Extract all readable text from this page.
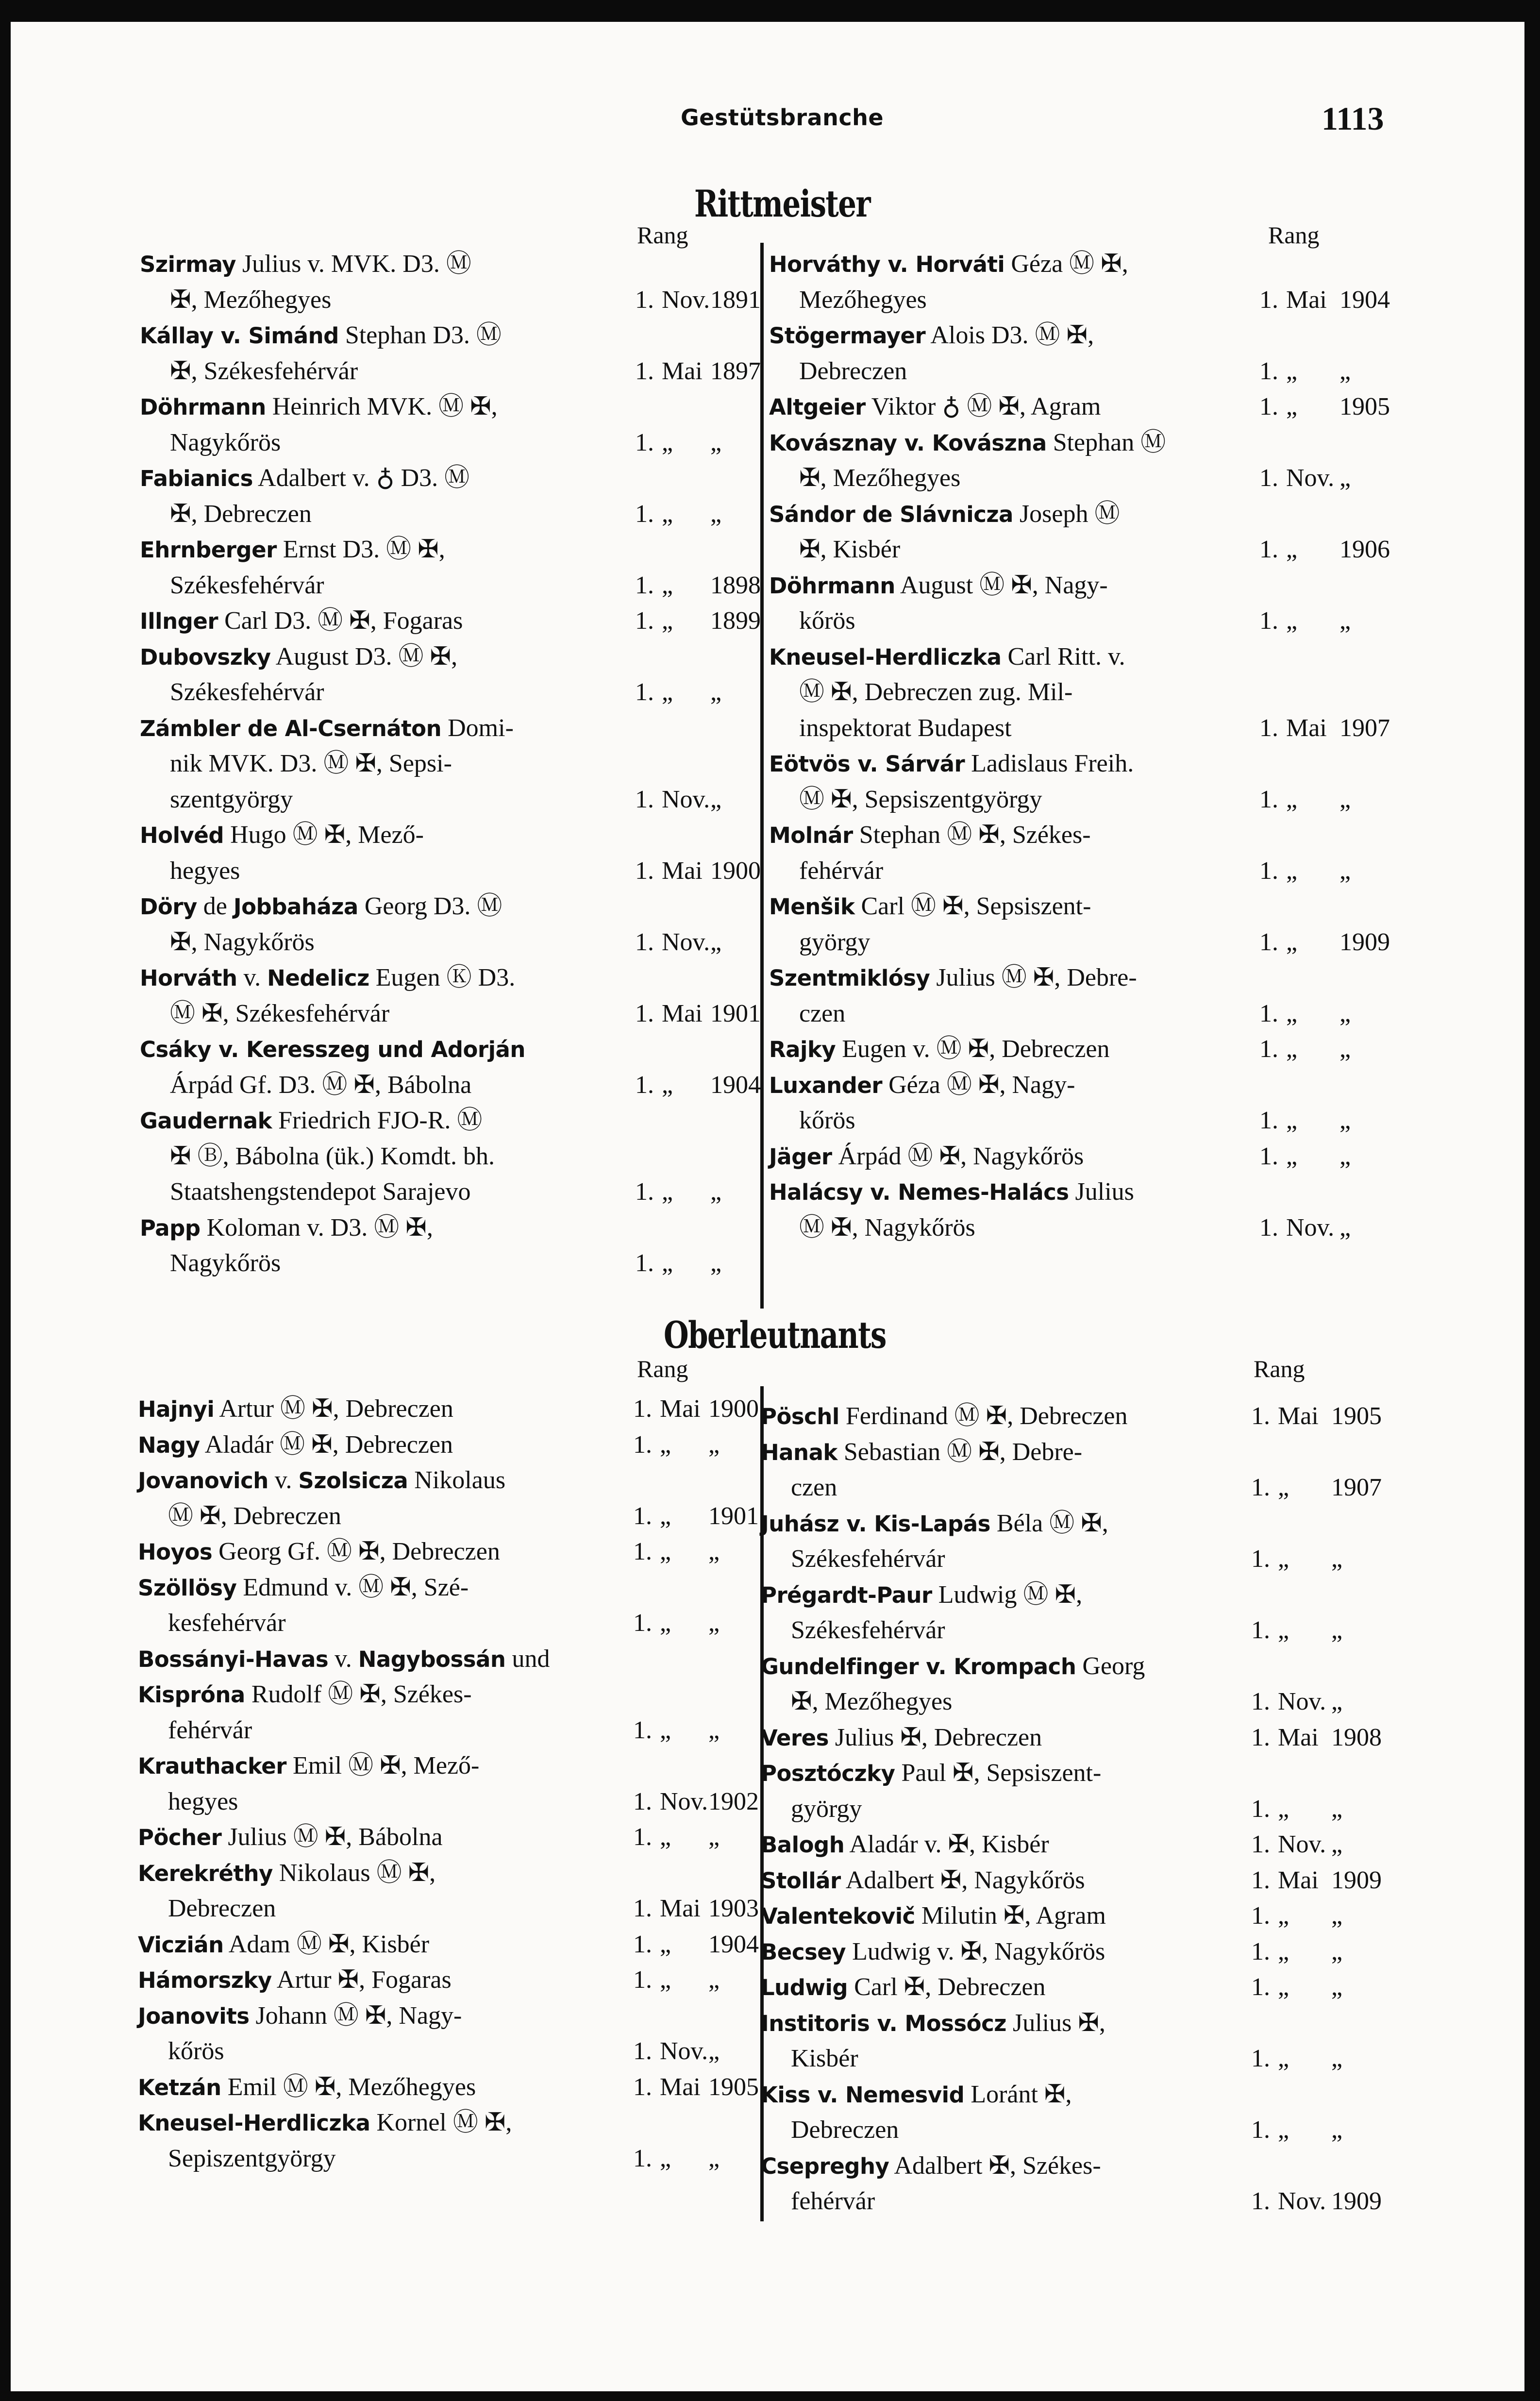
Gestütsbranche	1113
Rittmeister
Rang	Rang
Szirmay Julius v. MVK. D3. Ⓜ
✠, Mezőhegyes	1. Nov. 1891
Kállay v. Simánd Stephan D3. Ⓜ
✠, Székesfehérvár	1. Mai 1897
Döhrmann Heinrich MVK. Ⓜ ✠,
Nagykőrös	1. „ „
Fabianics Adalbert v. ♁ D3. Ⓜ
✠, Debreczen	1. „ „
Ehrnberger Ernst D3. Ⓜ ✠,
Székesfehérvár	1. „ 1898
Illnger Carl D3. Ⓜ ✠, Fogaras	1. „ 1899
Dubovszky August D3. Ⓜ ✠,
Székesfehérvár	1. „ „
Zámbler de Al-Csernáton Domi-
nik MVK. D3. Ⓜ ✠, Sepsi-
szentgyörgy	1. Nov. „
Holvéd Hugo Ⓜ ✠, Mező-
hegyes	1. Mai 1900
Döry de Jobbaháza Georg D3. Ⓜ
✠, Nagykőrös	1. Nov. „
Horváth v. Nedelicz Eugen Ⓚ D3.
Ⓜ ✠, Székesfehérvár	1. Mai 1901
Csáky v. Keresszeg und Adorján
Árpád Gf. D3. Ⓜ ✠, Bábolna	1. „ 1904
Gaudernak Friedrich FJO-R. Ⓜ
✠ Ⓑ, Bábolna (ük.) Komdt. bh.
Staatshengstendepot Sarajevo	1. „ „
Papp Koloman v. D3. Ⓜ ✠,
Nagykőrös	1. „ „
Horváthy v. Horváti Géza Ⓜ ✠,
Mezőhegyes	1. Mai 1904
Stögermayer Alois D3. Ⓜ ✠,
Debreczen	1. „ „
Altgeier Viktor ♁ Ⓜ ✠, Agram	1. „ 1905
Kovásznay v. Kovászna Stephan Ⓜ
✠, Mezőhegyes	1. Nov. „
Sándor de Slávnicza Joseph Ⓜ
✠, Kisbér	1. „ 1906
Döhrmann August Ⓜ ✠, Nagy-
kőrös	1. „ „
Kneusel-Herdliczka Carl Ritt. v.
Ⓜ ✠, Debreczen zug. Mil-
inspektorat Budapest	1. Mai 1907
Eötvös v. Sárvár Ladislaus Freih.
Ⓜ ✠, Sepsiszentgyörgy	1. „ „
Molnár Stephan Ⓜ ✠, Székes-
fehérvár	1. „ „
Menšik Carl Ⓜ ✠, Sepsiszent-
györgy	1. „ 1909
Szentmiklósy Julius Ⓜ ✠, Debre-
czen	1. „ „
Rajky Eugen v. Ⓜ ✠, Debreczen	1. „ „
Luxander Géza Ⓜ ✠, Nagy-
kőrös	1. „ „
Jäger Árpád Ⓜ ✠, Nagykőrös	1. „ „
Halácsy v. Nemes-Halács Julius
Ⓜ ✠, Nagykőrös	1. Nov. „
Oberleutnants
Rang	Rang
Hajnyi Artur Ⓜ ✠, Debreczen	1. Mai 1900
Nagy Aladár Ⓜ ✠, Debreczen	1. „ „
Jovanovich v. Szolsicza Nikolaus
Ⓜ ✠, Debreczen	1. „ 1901
Hoyos Georg Gf. Ⓜ ✠, Debreczen	1. „ „
Szöllösy Edmund v. Ⓜ ✠, Szé-
kesfehérvár	1. „ „
Bossányi-Havas v. Nagybossán und
Kispróna Rudolf Ⓜ ✠, Székes-
fehérvár	1. „ „
Krauthacker Emil Ⓜ ✠, Mező-
hegyes	1. Nov. 1902
Pöcher Julius Ⓜ ✠, Bábolna	1. „ „
Kerekréthy Nikolaus Ⓜ ✠,
Debreczen	1. Mai 1903
Viczián Adam Ⓜ ✠, Kisbér	1. „ 1904
Hámorszky Artur ✠, Fogaras	1. „ „
Joanovits Johann Ⓜ ✠, Nagy-
kőrös	1. Nov. „
Ketzán Emil Ⓜ ✠, Mezőhegyes	1. Mai 1905
Kneusel-Herdliczka Kornel Ⓜ ✠,
Sepiszentgyörgy	1. „ „
Pöschl Ferdinand Ⓜ ✠, Debreczen	1. Mai 1905
Hanak Sebastian Ⓜ ✠, Debre-
czen	1. „ 1907
Juhász v. Kis-Lapás Béla Ⓜ ✠,
Székesfehérvár	1. „ „
Prégardt-Paur Ludwig Ⓜ ✠,
Székesfehérvár	1. „ „
Gundelfinger v. Krompach Georg
✠, Mezőhegyes	1. Nov. „
Veres Julius ✠, Debreczen	1. Mai 1908
Posztóczky Paul ✠, Sepsiszent-
györgy	1. „ „
Balogh Aladár v. ✠, Kisbér	1. Nov. „
Stollár Adalbert ✠, Nagykőrös	1. Mai 1909
Valentekovič Milutin ✠, Agram	1. „ „
Becsey Ludwig v. ✠, Nagykőrös	1. „ „
Ludwig Carl ✠, Debreczen	1. „ „
Institoris v. Mossócz Julius ✠,
Kisbér	1. „ „
Kiss v. Nemesvid Loránt ✠,
Debreczen	1. „ „
Csepreghy Adalbert ✠, Székes-
fehérvár	1. Nov. 1909
